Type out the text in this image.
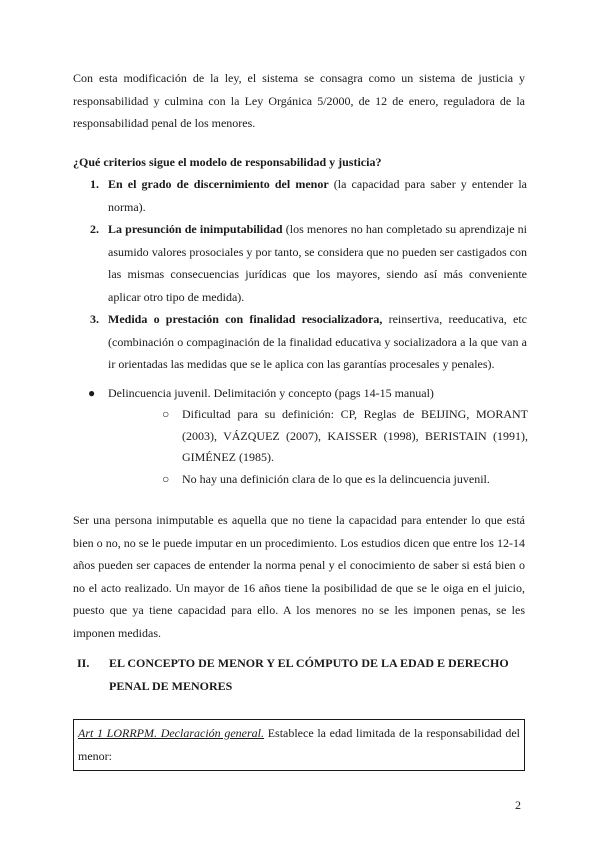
Con esta modificación de la ley, el sistema se consagra como un sistema de justicia y responsabilidad y culmina con la Ley Orgánica 5/2000, de 12 de enero, reguladora de la responsabilidad penal de los menores.

¿Qué criterios sigue el modelo de responsabilidad y justicia?

1. En el grado de discernimiento del menor (la capacidad para saber y entender la norma).
2. La presunción de inimputabilidad (los menores no han completado su aprendizaje ni asumido valores prosociales y por tanto, se considera que no pueden ser castigados con las mismas consecuencias jurídicas que los mayores, siendo así más conveniente aplicar otro tipo de medida).
3. Medida o prestación con finalidad resocializadora, reinsertiva, reeducativa, etc (combinación o compaginación de la finalidad educativa y socializadora a la que van a ir orientadas las medidas que se le aplica con las garantías procesales y penales).

●	Delincuencia juvenil. Delimitación y concepto (pags 14-15 manual)

○ Dificultad para su definición: CP, Reglas de BEIJING, MORANT (2003), VÁZQUEZ (2007), KAISSER (1998), BERISTAIN (1991), GIMÉNEZ (1985).
○ No hay una definición clara de lo que es la delincuencia juvenil.

Ser una persona inimputable es aquella que no tiene la capacidad para entender lo que está bien o no, no se le puede imputar en un procedimiento. Los estudios dicen que entre los 12-14 años pueden ser capaces de entender la norma penal y el conocimiento de saber si está bien o no el acto realizado. Un mayor de 16 años tiene la posibilidad de que se le oiga en el juicio, puesto que ya tiene capacidad para ello. A los menores no se les imponen penas, se les imponen medidas.

II.	EL CONCEPTO DE MENOR Y EL CÓMPUTO DE LA EDAD E DERECHO PENAL DE MENORES

Art 1 LORRPM. Declaración general. Establece la edad limitada de la responsabilidad del menor:
2
